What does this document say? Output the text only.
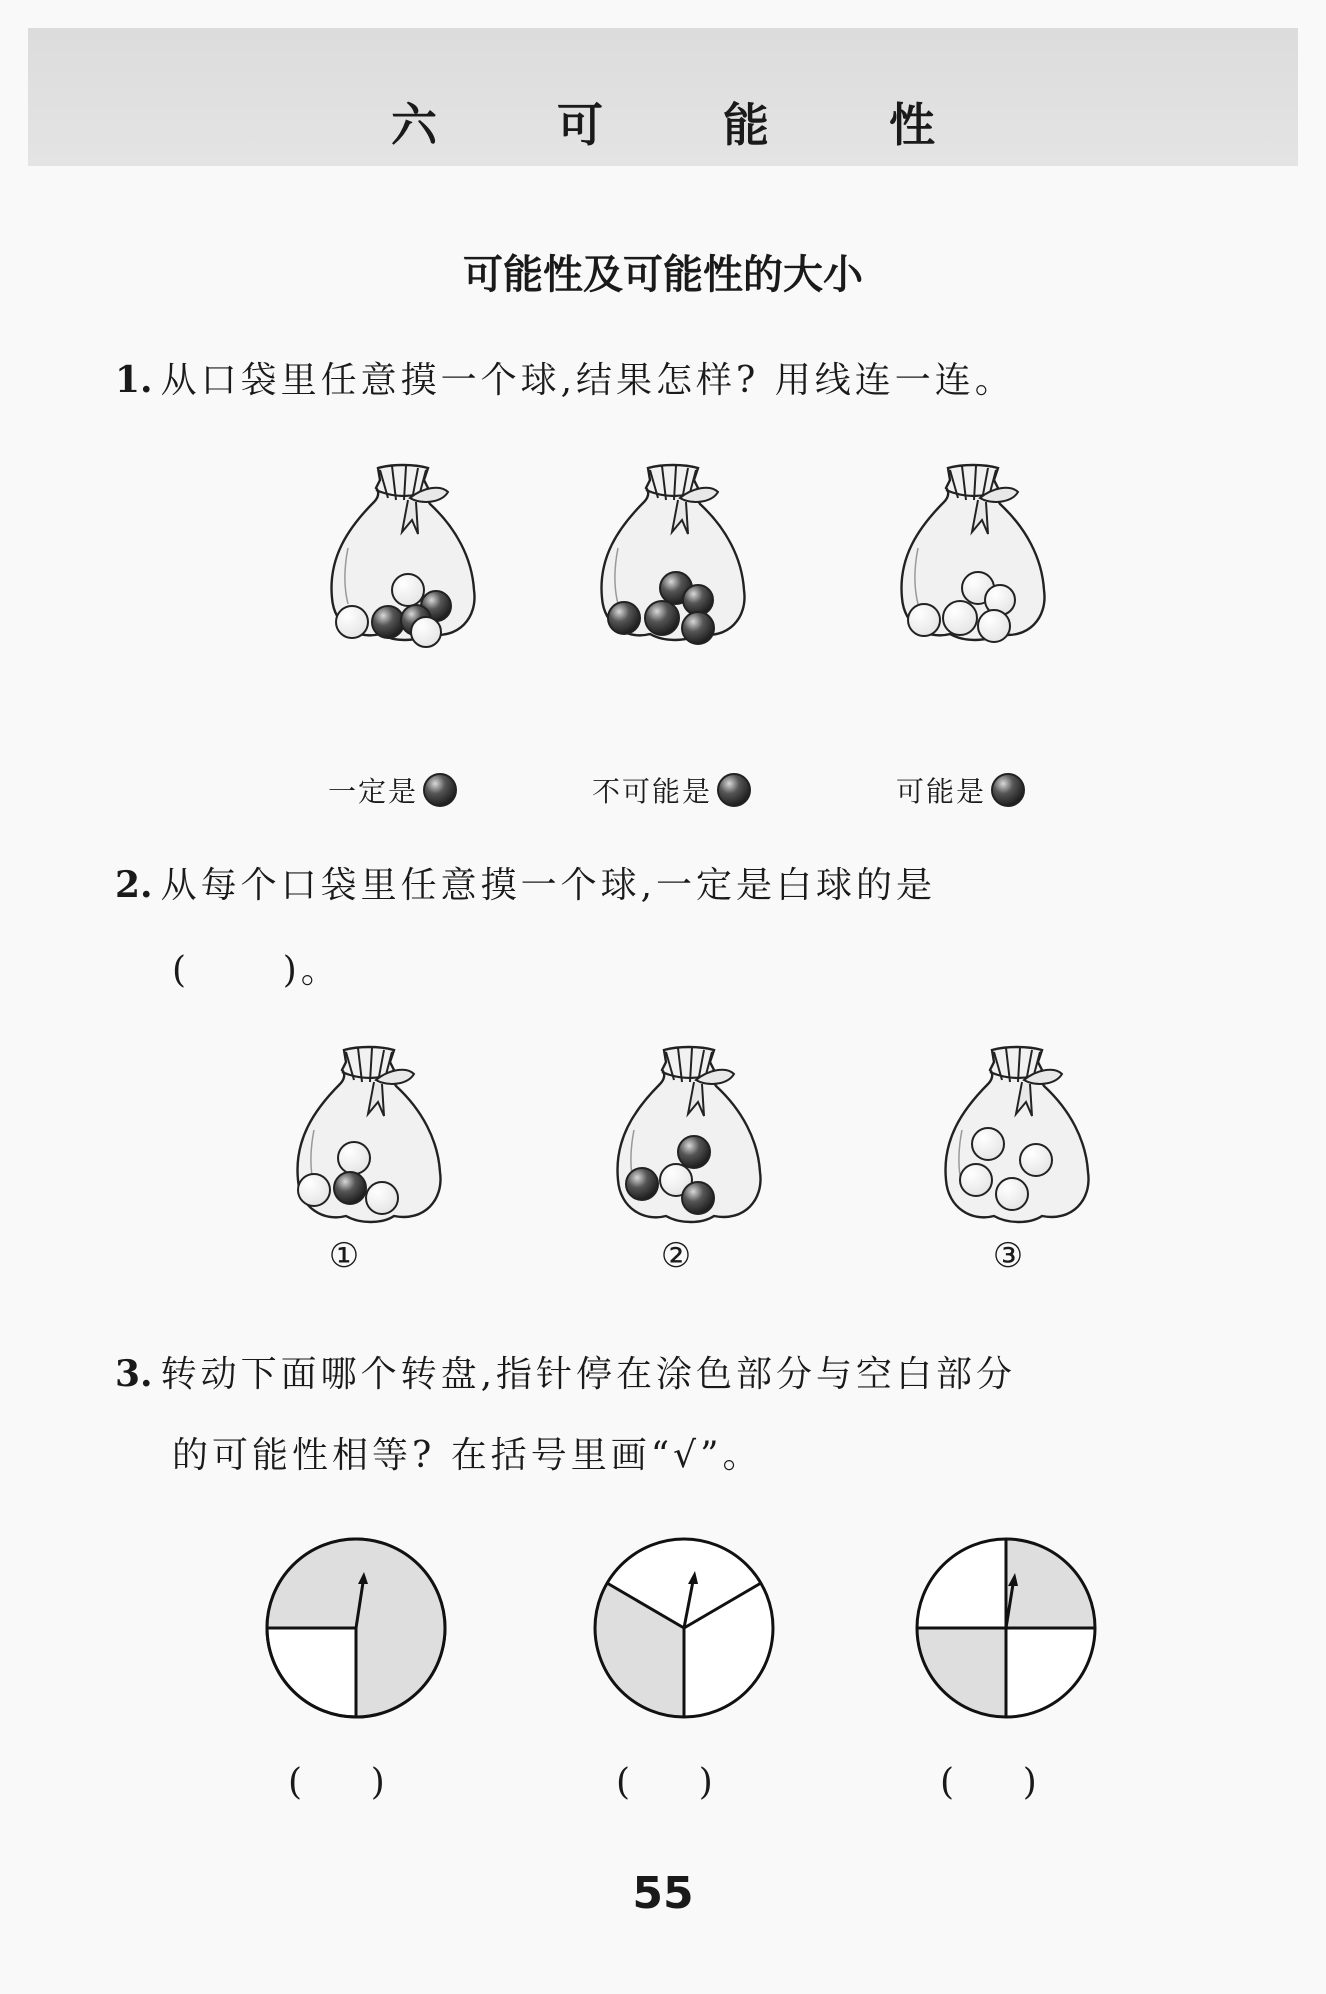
六 可 能 性
可能性及可能性的大小
1. 从口袋里任意摸一个球,结果怎样? 用线连一连。
一定是	不可能是	可能是
2. 从每个口袋里任意摸一个球,一定是白球的是
(      )。
①	②	③
3. 转动下面哪个转盘,指针停在涂色部分与空白部分
的可能性相等? 在括号里画“√”。
(      )	(      )	(      )
55
